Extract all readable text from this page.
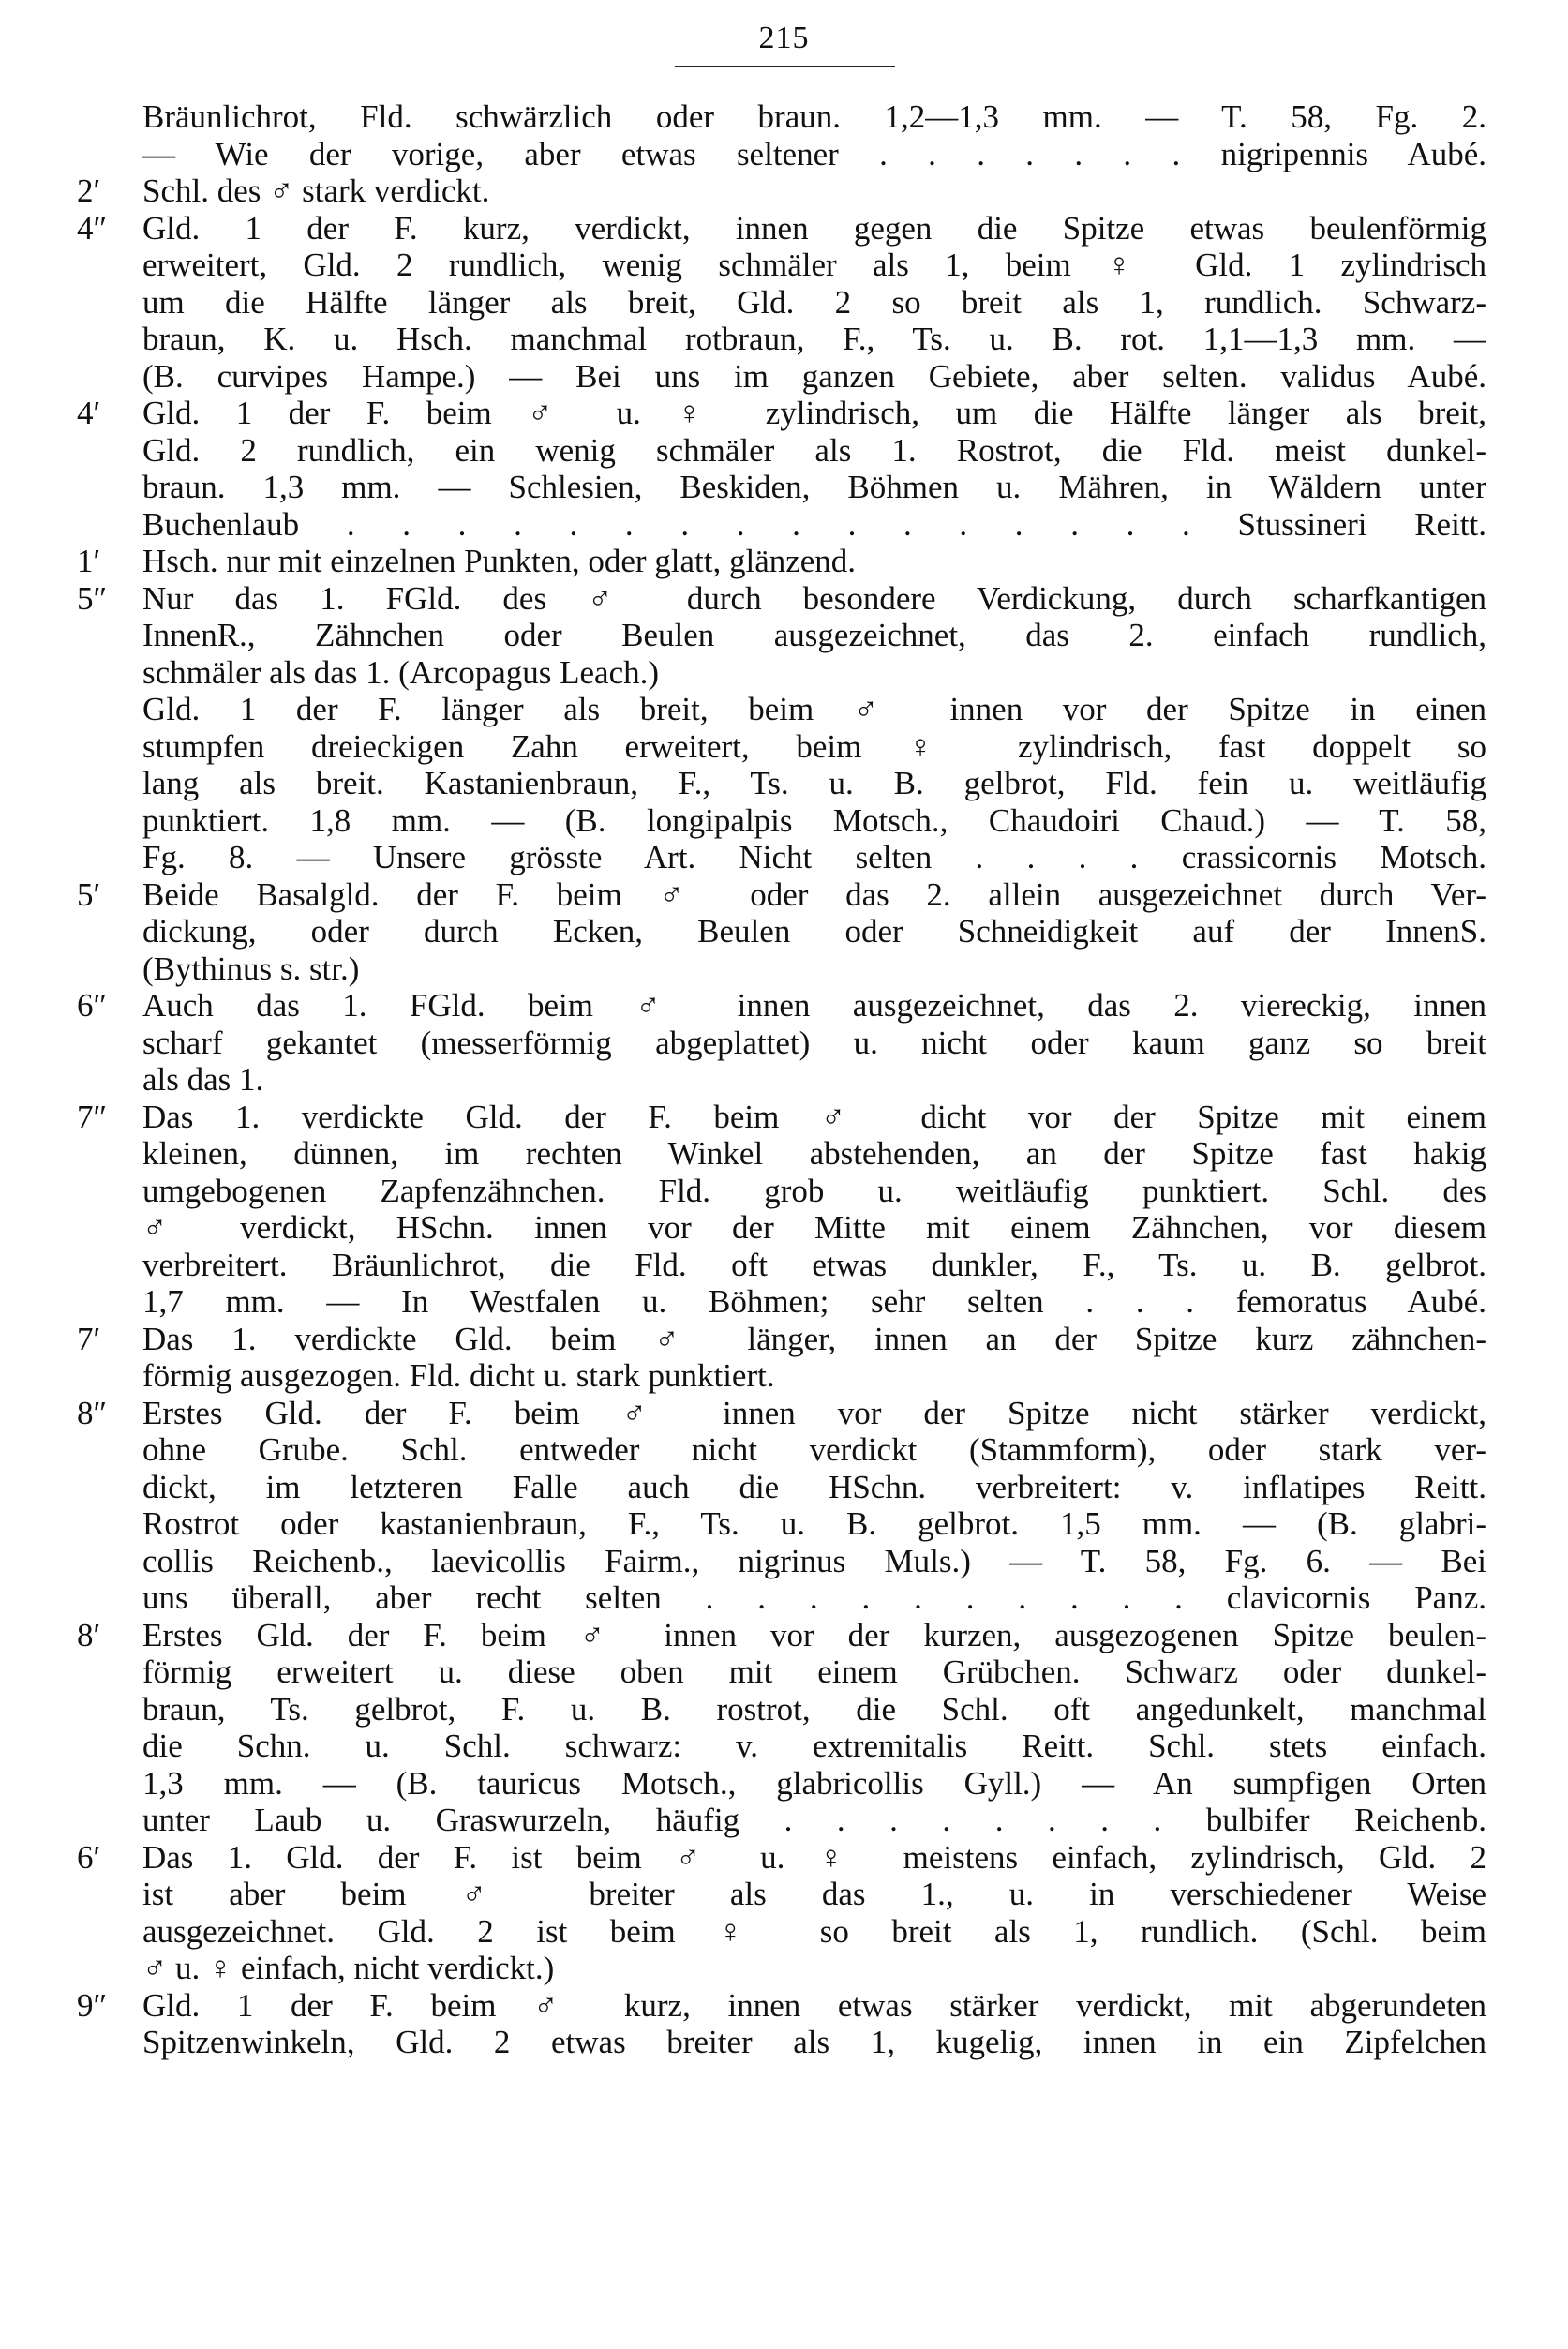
215
Bräunlichrot, Fld. schwärzlich oder braun. 1,2—1,3 mm. — T. 58, Fg. 2.
— Wie der vorige, aber etwas seltener . . . . . . . nigripennis Aubé.
2′	Schl. des ♂ stark verdickt.
4″	Gld. 1 der F. kurz, verdickt, innen gegen die Spitze etwas beulenförmig
erweitert, Gld. 2 rundlich, wenig schmäler als 1, beim ♀ Gld. 1 zylindrisch
um die Hälfte länger als breit, Gld. 2 so breit als 1, rundlich. Schwarz-
braun, K. u. Hsch. manchmal rotbraun, F., Ts. u. B. rot. 1,1—1,3 mm. —
(B. curvipes Hampe.) — Bei uns im ganzen Gebiete, aber selten. validus Aubé.
4′	Gld. 1 der F. beim ♂ u. ♀ zylindrisch, um die Hälfte länger als breit,
Gld. 2 rundlich, ein wenig schmäler als 1. Rostrot, die Fld. meist dunkel-
braun. 1,3 mm. — Schlesien, Beskiden, Böhmen u. Mähren, in Wäldern unter
Buchenlaub . . . . . . . . . . . . . . . . Stussineri Reitt.
1′	Hsch. nur mit einzelnen Punkten, oder glatt, glänzend.
5″	Nur das 1. FGld. des ♂ durch besondere Verdickung, durch scharfkantigen
InnenR., Zähnchen oder Beulen ausgezeichnet, das 2. einfach rundlich,
schmäler als das 1. (Arcopagus Leach.)
Gld. 1 der F. länger als breit, beim ♂ innen vor der Spitze in einen
stumpfen dreieckigen Zahn erweitert, beim ♀ zylindrisch, fast doppelt so
lang als breit. Kastanienbraun, F., Ts. u. B. gelbrot, Fld. fein u. weitläufig
punktiert. 1,8 mm. — (B. longipalpis Motsch., Chaudoiri Chaud.) — T. 58,
Fg. 8. — Unsere grösste Art. Nicht selten . . . . crassicornis Motsch.
5′	Beide Basalgld. der F. beim ♂ oder das 2. allein ausgezeichnet durch Ver-
dickung, oder durch Ecken, Beulen oder Schneidigkeit auf der InnenS.
(Bythinus s. str.)
6″	Auch das 1. FGld. beim ♂ innen ausgezeichnet, das 2. viereckig, innen
scharf gekantet (messerförmig abgeplattet) u. nicht oder kaum ganz so breit
als das 1.
7″	Das 1. verdickte Gld. der F. beim ♂ dicht vor der Spitze mit einem
kleinen, dünnen, im rechten Winkel abstehenden, an der Spitze fast hakig
umgebogenen Zapfenzähnchen. Fld. grob u. weitläufig punktiert. Schl. des
♂ verdickt, HSchn. innen vor der Mitte mit einem Zähnchen, vor diesem
verbreitert. Bräunlichrot, die Fld. oft etwas dunkler, F., Ts. u. B. gelbrot.
1,7 mm. — In Westfalen u. Böhmen; sehr selten . . . femoratus Aubé.
7′	Das 1. verdickte Gld. beim ♂ länger, innen an der Spitze kurz zähnchen-
förmig ausgezogen. Fld. dicht u. stark punktiert.
8″	Erstes Gld. der F. beim ♂ innen vor der Spitze nicht stärker verdickt,
ohne Grube. Schl. entweder nicht verdickt (Stammform), oder stark ver-
dickt, im letzteren Falle auch die HSchn. verbreitert: v. inflatipes Reitt.
Rostrot oder kastanienbraun, F., Ts. u. B. gelbrot. 1,5 mm. — (B. glabri-
collis Reichenb., laevicollis Fairm., nigrinus Muls.) — T. 58, Fg. 6. — Bei
uns überall, aber recht selten . . . . . . . . . . clavicornis Panz.
8′	Erstes Gld. der F. beim ♂ innen vor der kurzen, ausgezogenen Spitze beulen-
förmig erweitert u. diese oben mit einem Grübchen. Schwarz oder dunkel-
braun, Ts. gelbrot, F. u. B. rostrot, die Schl. oft angedunkelt, manchmal
die Schn. u. Schl. schwarz: v. extremitalis Reitt. Schl. stets einfach.
1,3 mm. — (B. tauricus Motsch., glabricollis Gyll.) — An sumpfigen Orten
unter Laub u. Graswurzeln, häufig . . . . . . . . bulbifer Reichenb.
6′	Das 1. Gld. der F. ist beim ♂ u. ♀ meistens einfach, zylindrisch, Gld. 2
ist aber beim ♂ breiter als das 1., u. in verschiedener Weise
ausgezeichnet. Gld. 2 ist beim ♀ so breit als 1, rundlich. (Schl. beim
♂ u. ♀ einfach, nicht verdickt.)
9″	Gld. 1 der F. beim ♂ kurz, innen etwas stärker verdickt, mit abgerundeten
Spitzenwinkeln, Gld. 2 etwas breiter als 1, kugelig, innen in ein Zipfelchen
